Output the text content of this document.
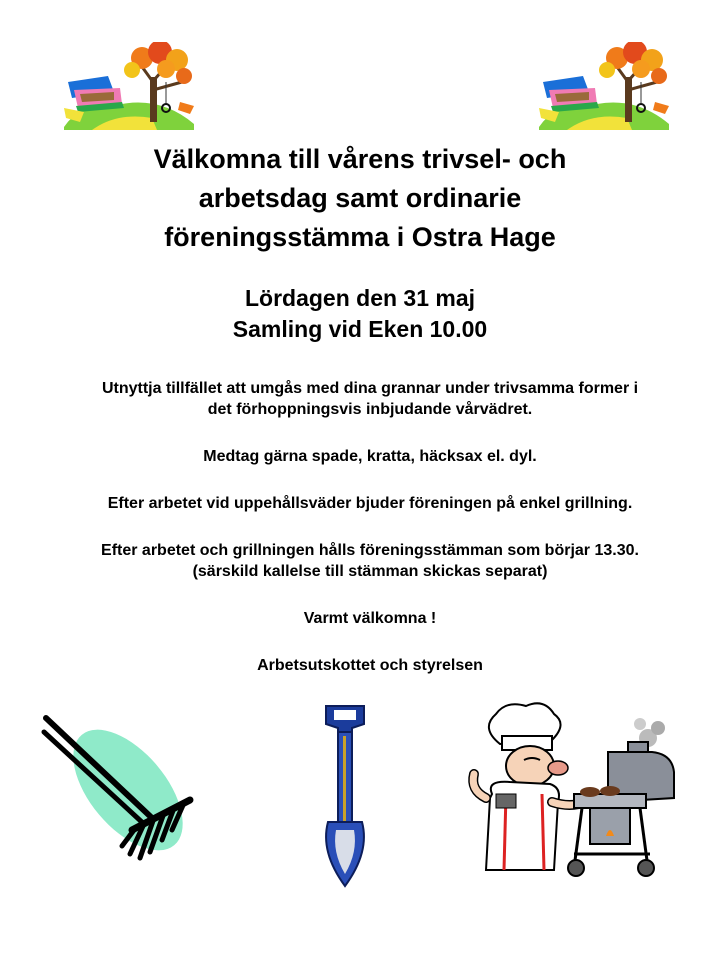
Välkomna till vårens trivsel- och
arbetsdag samt ordinarie
föreningsstämma i Ostra Hage
Lördagen den 31 maj
Samling vid Eken 10.00

Utnyttja tillfället att umgås med dina grannar under trivsamma former i
det förhoppningsvis inbjudande vårvädret.

Medtag gärna spade, kratta, häcksax el. dyl.

Efter arbetet vid uppehållsväder bjuder föreningen på enkel grillning.

Efter arbetet och grillningen hålls föreningsstämman som börjar 13.30.
(särskild kallelse till stämman skickas separat)

Varmt välkomna !

Arbetsutskottet och styrelsen
